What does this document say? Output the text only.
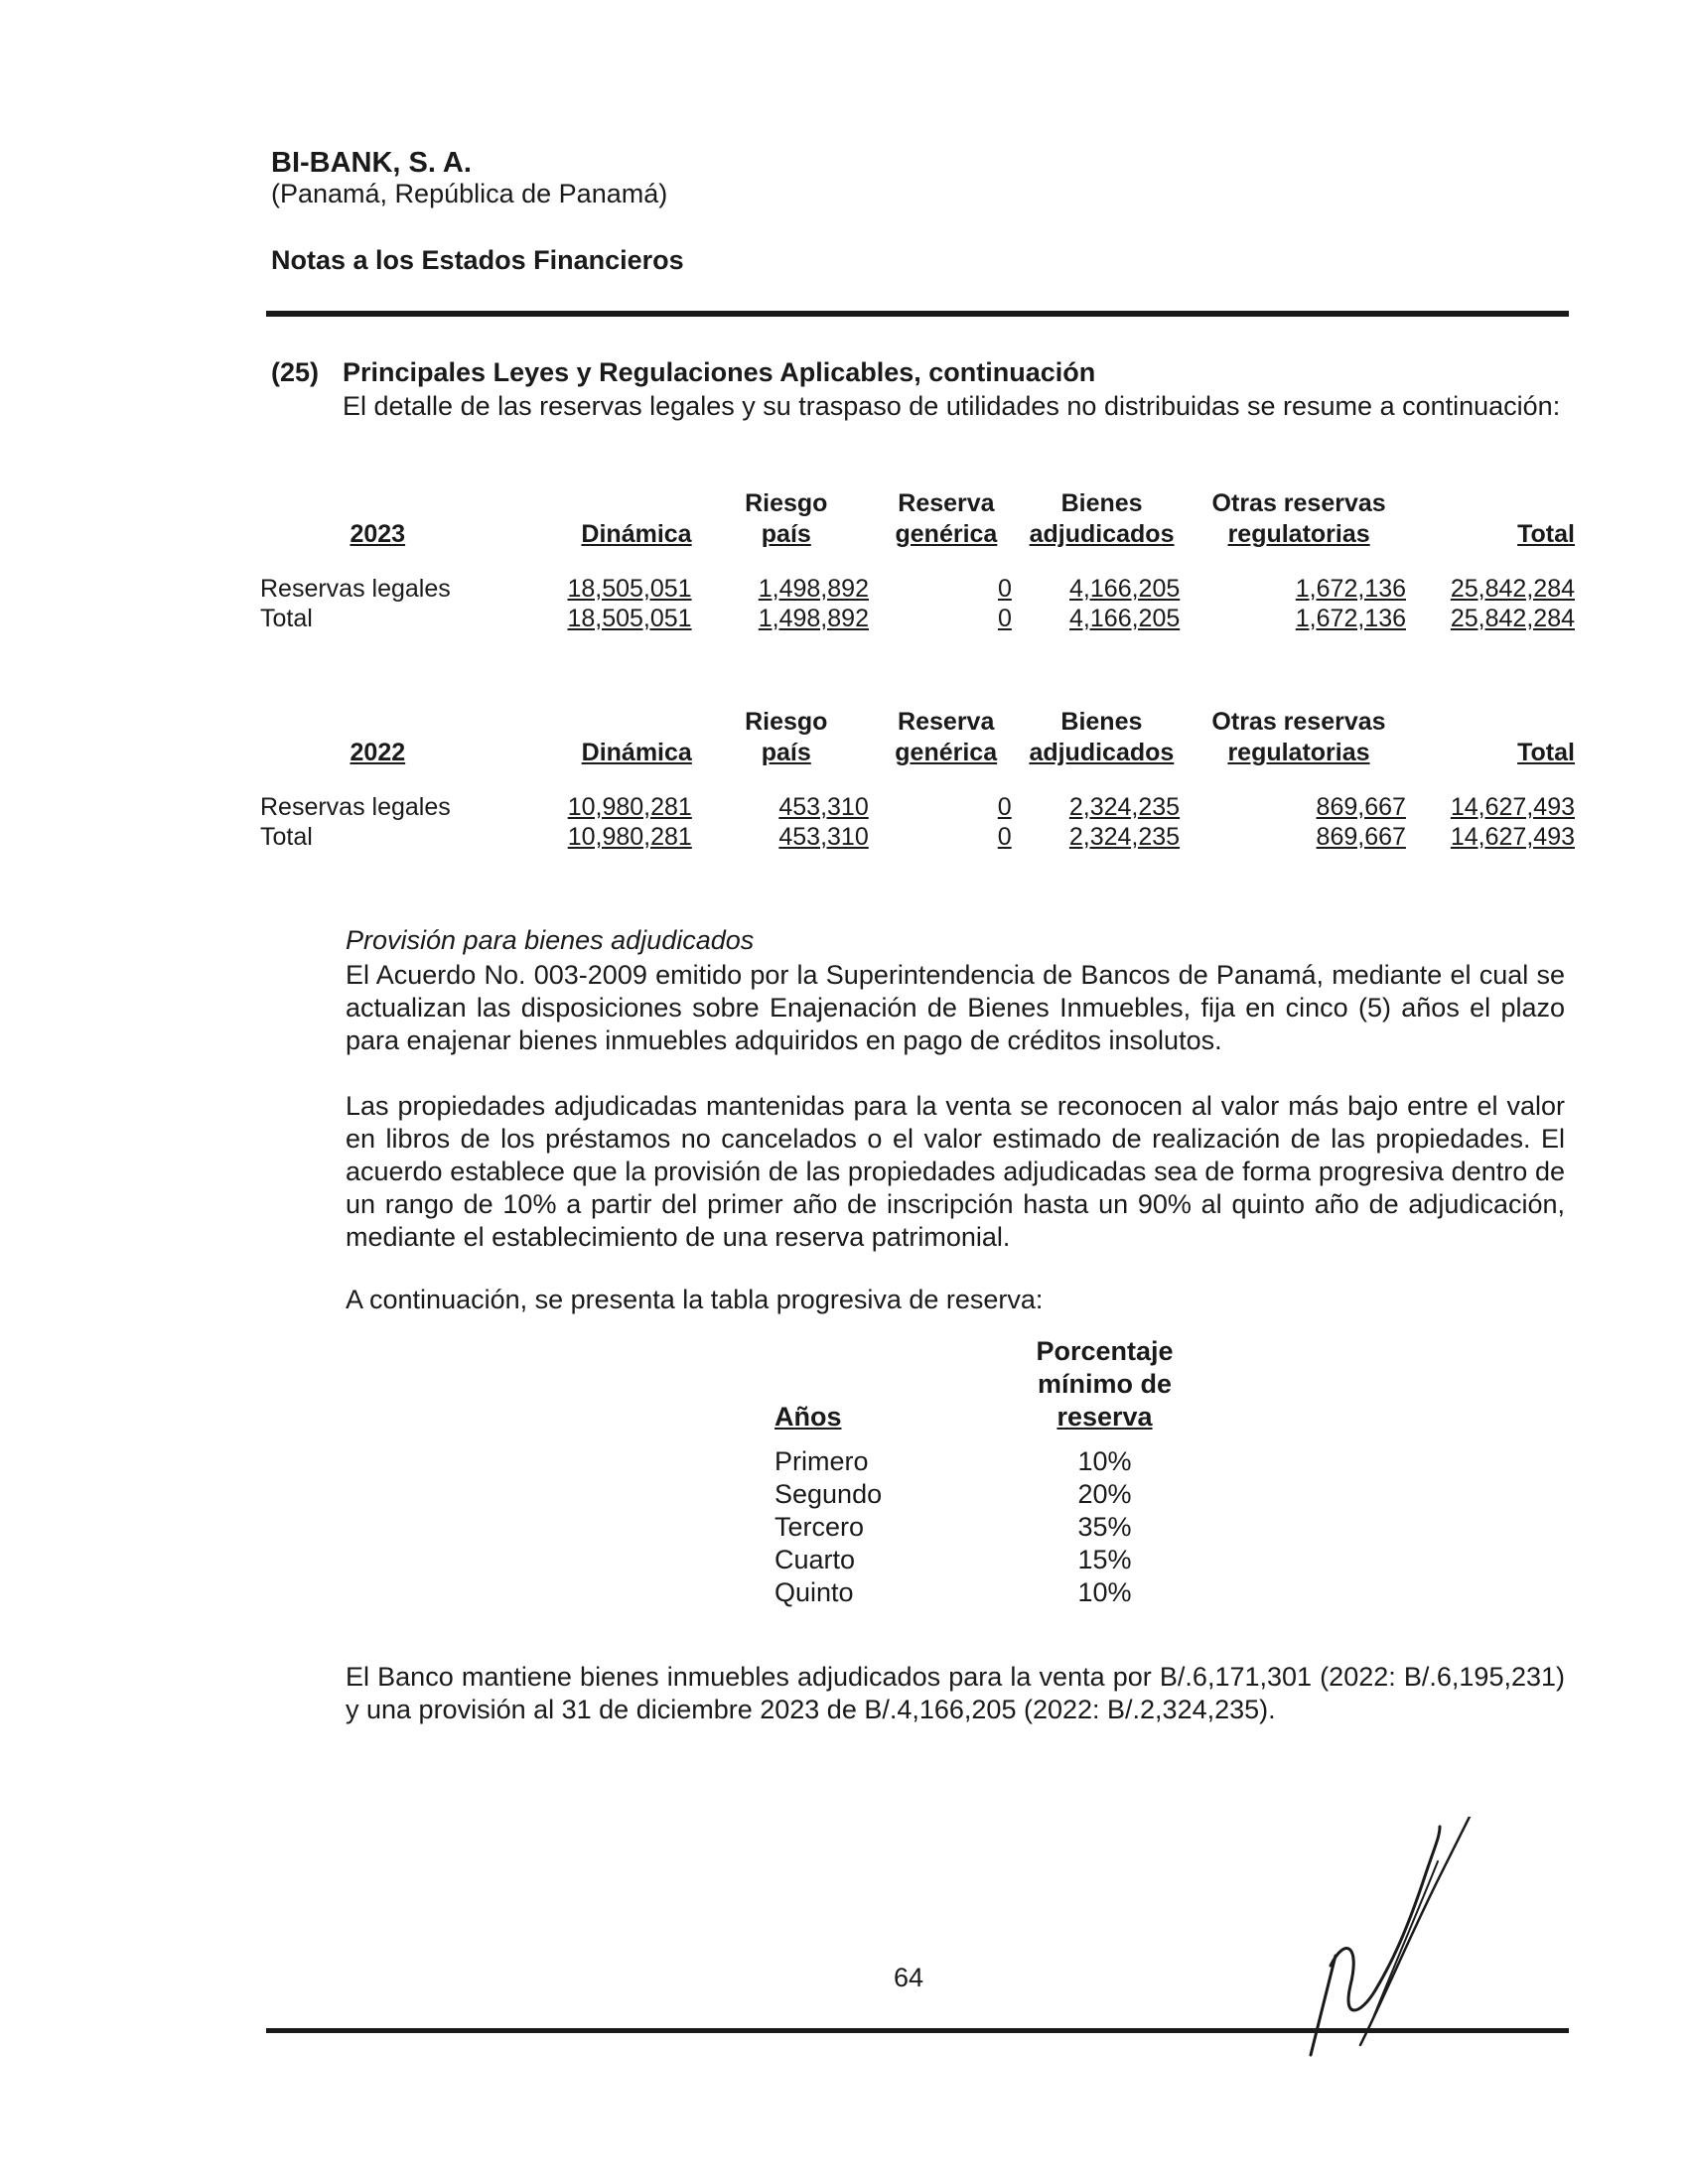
BI-BANK, S. A.
(Panamá, República de Panamá)
Notas a los Estados Financieros
(25) Principales Leyes y Regulaciones Aplicables, continuación
El detalle de las reservas legales y su traspaso de utilidades no distribuidas se resume a continuación:
		Riesgo	Reserva	Bienes	Otras reservas	
2023	Dinámica	país	genérica	adjudicados	regulatorias	Total

Reservas legales	18,505,051	1,498,892	0	4,166,205	1,672,136	25,842,284
Total	18,505,051	1,498,892	0	4,166,205	1,672,136	25,842,284
		Riesgo	Reserva	Bienes	Otras reservas	
2022	Dinámica	país	genérica	adjudicados	regulatorias	Total

Reservas legales	10,980,281	453,310	0	2,324,235	869,667	14,627,493
Total	10,980,281	453,310	0	2,324,235	869,667	14,627,493
Provisión para bienes adjudicados
El Acuerdo No. 003-2009 emitido por la Superintendencia de Bancos de Panamá, mediante el cual se actualizan las disposiciones sobre Enajenación de Bienes Inmuebles, fija en cinco (5) años el plazo para enajenar bienes inmuebles adquiridos en pago de créditos insolutos.
Las propiedades adjudicadas mantenidas para la venta se reconocen al valor más bajo entre el valor en libros de los préstamos no cancelados o el valor estimado de realización de las propiedades. El acuerdo establece que la provisión de las propiedades adjudicadas sea de forma progresiva dentro de un rango de 10% a partir del primer año de inscripción hasta un 90% al quinto año de adjudicación, mediante el establecimiento de una reserva patrimonial.
A continuación, se presenta la tabla progresiva de reserva:
	Porcentaje
	mínimo de
Años	reserva

Primero	10%
Segundo	20%
Tercero	35%
Cuarto	15%
Quinto	10%
El Banco mantiene bienes inmuebles adjudicados para la venta por B/.6,171,301 (2022: B/.6,195,231) y una provisión al 31 de diciembre 2023 de B/.4,166,205 (2022: B/.2,324,235).
64
